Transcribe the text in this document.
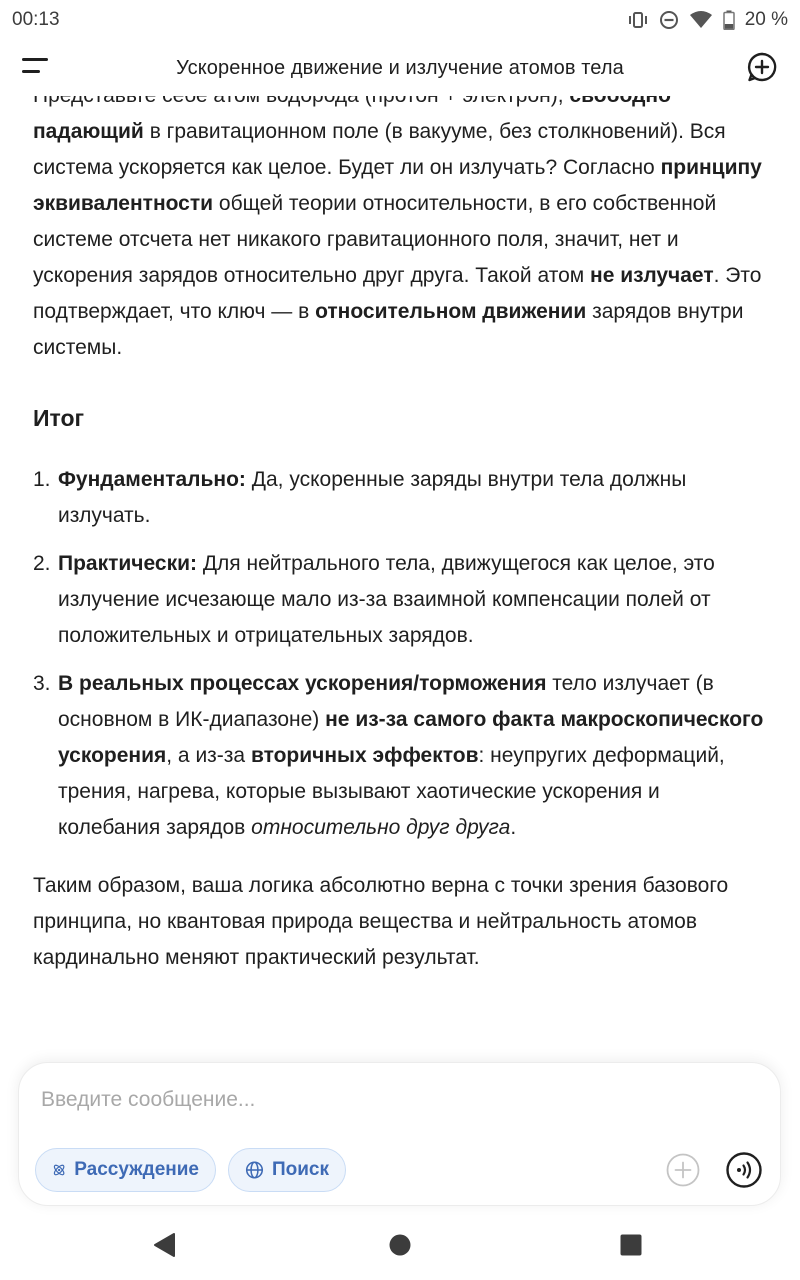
00:13	20 %
Ускоренное движение и излучение атомов тела

падающий в гравитационном поле (в вакууме, без столкновений). Вся система ускоряется как целое. Будет ли он излучать? Согласно принципу эквивалентности общей теории относительности, в его собственной системе отсчета нет никакого гравитационного поля, значит, нет и ускорения зарядов относительно друг друга. Такой атом не излучает. Это подтверждает, что ключ — в относительном движении зарядов внутри системы.

Итог
1. Фундаментально: Да, ускоренные заряды внутри тела должны излучать.
2. Практически: Для нейтрального тела, движущегося как целое, это излучение исчезающе мало из-за взаимной компенсации полей от положительных и отрицательных зарядов.
3. В реальных процессах ускорения/торможения тело излучает (в основном в ИК-диапазоне) не из-за самого факта макроскопического ускорения, а из-за вторичных эффектов: неупругих деформаций, трения, нагрева, которые вызывают хаотические ускорения и колебания зарядов относительно друг друга.

Таким образом, ваша логика абсолютно верна с точки зрения базового принципа, но квантовая природа вещества и нейтральность атомов кардинально меняют практический результат.

Введите сообщение...
Рассуждение	Поиск
